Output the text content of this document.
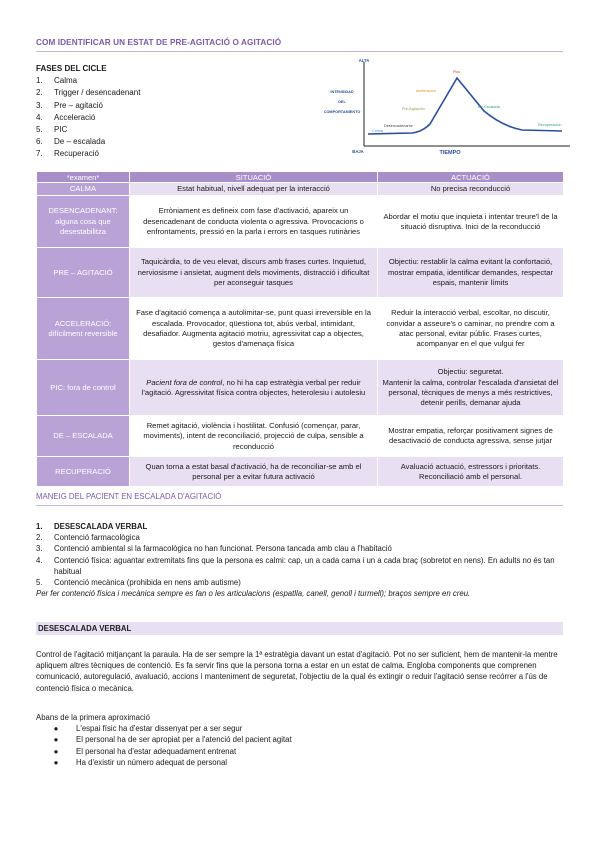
COM IDENTIFICAR UN ESTAT DE PRE-AGITACIÓ O AGITACIÓ
FASES DEL CICLE
1.	Calma
2.	Trigger / desencadenant
3.	Pre – agitació
4.	Acceleració
5.	PIC
6.	De – escalada
7.	Recuperació
ALTA
BAJA
INTENSIDAD
DEL
COMPORTAMIENTO
TIEMPO
Calma
Desencadenante
Pre-Agitación
Aceleración
Pico
De-Escalada
Recuperación
*examen*	SITUACIÓ	ACTUACIÓ
CALMA	Estat habitual, nivell adequat per la interacció	No precisa reconducció
DESENCADENANT: alguna cosa que desestabilitza	Erròniament es defineix com fase d'activació, apareix un desencadenant de conducta violenta o agressiva. Provocacions o enfrontaments, pressió en la parla i errors en tasques rutinàries	Abordar el motiu que inquieta i intentar treure'l de la situació disruptiva. Inici de la reconducció
PRE – AGITACIÓ	Taquicàrdia, to de veu elevat, discurs amb frases curtes. Inquietud, nerviosisme i ansietat, augment dels moviments, distracció i dificultat per aconseguir tasques	Objectiu: restablir la calma evitant la confortació, mostrar empatia, identificar demandes, respectar espais, mantenir límits
ACCELERACIÓ: difícilment reversible	Fase d'agitació comença a autolimitar-se, punt quasi irreversible en la escalada. Provocador, qüestiona tot, abús verbal, intimidant, desafiador. Augmenta agitació motriu, agressivitat cap a objectes, gestos d'amenaça física	Reduir la interacció verbal, escoltar, no discutir, convidar a asseure's o caminar, no prendre com a atac personal, evitar públic. Frases curtes, acompanyar en el que vulgui fer
PIC: fora de control	Pacient fora de control, no hi ha cap estratègia verbal per reduir l'agitació. Agressivitat física contra objectes, heterolesiu i autolesiu	Objectiu: seguretat.
Mantenir la calma, controlar l'escalada d'ansietat del personal, tècniques de menys a més restrictives, detenir perills, demanar ajuda

DE – ESCALADA	Remet agitació, violència i hostilitat. Confusió (començar, parar, moviments), intent de reconciliació, projecció de culpa, sensible a reconducció	Mostrar empatia, reforçar positivament signes de desactivació de conducta agressiva, sense jutjar
RECUPERACIÓ	Quan torna a estat basal d'activació, ha de reconciliar-se amb el personal per a evitar futura activació	Avaluació actuació, estressors i prioritats. Reconciliació amb el personal.
MANEIG DEL PACIENT EN ESCALADA D'AGITACIÓ
1.	DESESCALADA VERBAL
2.	Contenció farmacològica
3.	Contenció ambiental si la farmacològica no han funcionat. Persona tancada amb clau a l'habitació
4.	Contenció física: aguantar extremitats fins que la persona es calmi: cap, un a cada cama i un a cada braç (sobretot en nens). En adults no és tan habitual
5.	Contenció mecànica (prohibida en nens amb autisme)
Per fer contenció física i mecànica sempre es fan o les articulacions (espatlla, canell, genoll i turmell); braços sempre en creu.
DESESCALADA VERBAL
Control de l'agitació mitjançant la paraula. Ha de ser sempre la 1ª estratègia davant un estat d'agitació. Pot no ser suficient, hem de mantenir-la mentre apliquem altres tècniques de contenció. Es fa servir fins que la persona torna a estar en un estat de calma. Engloba components que comprenen comunicació, autoregulació, avaluació, accions i manteniment de seguretat, l'objectiu de la qual és extingir o reduir l'agitació sense recórrer a l'ús de contenció física o mecànica.
Abans de la primera aproximació
●	L'espai físic ha d'estar dissenyat per a ser segur
●	El personal ha de ser apropiat per a l'atenció del pacient agitat
●	El personal ha d'estar adequadament entrenat
●	Ha d'existir un número adequat de personal
